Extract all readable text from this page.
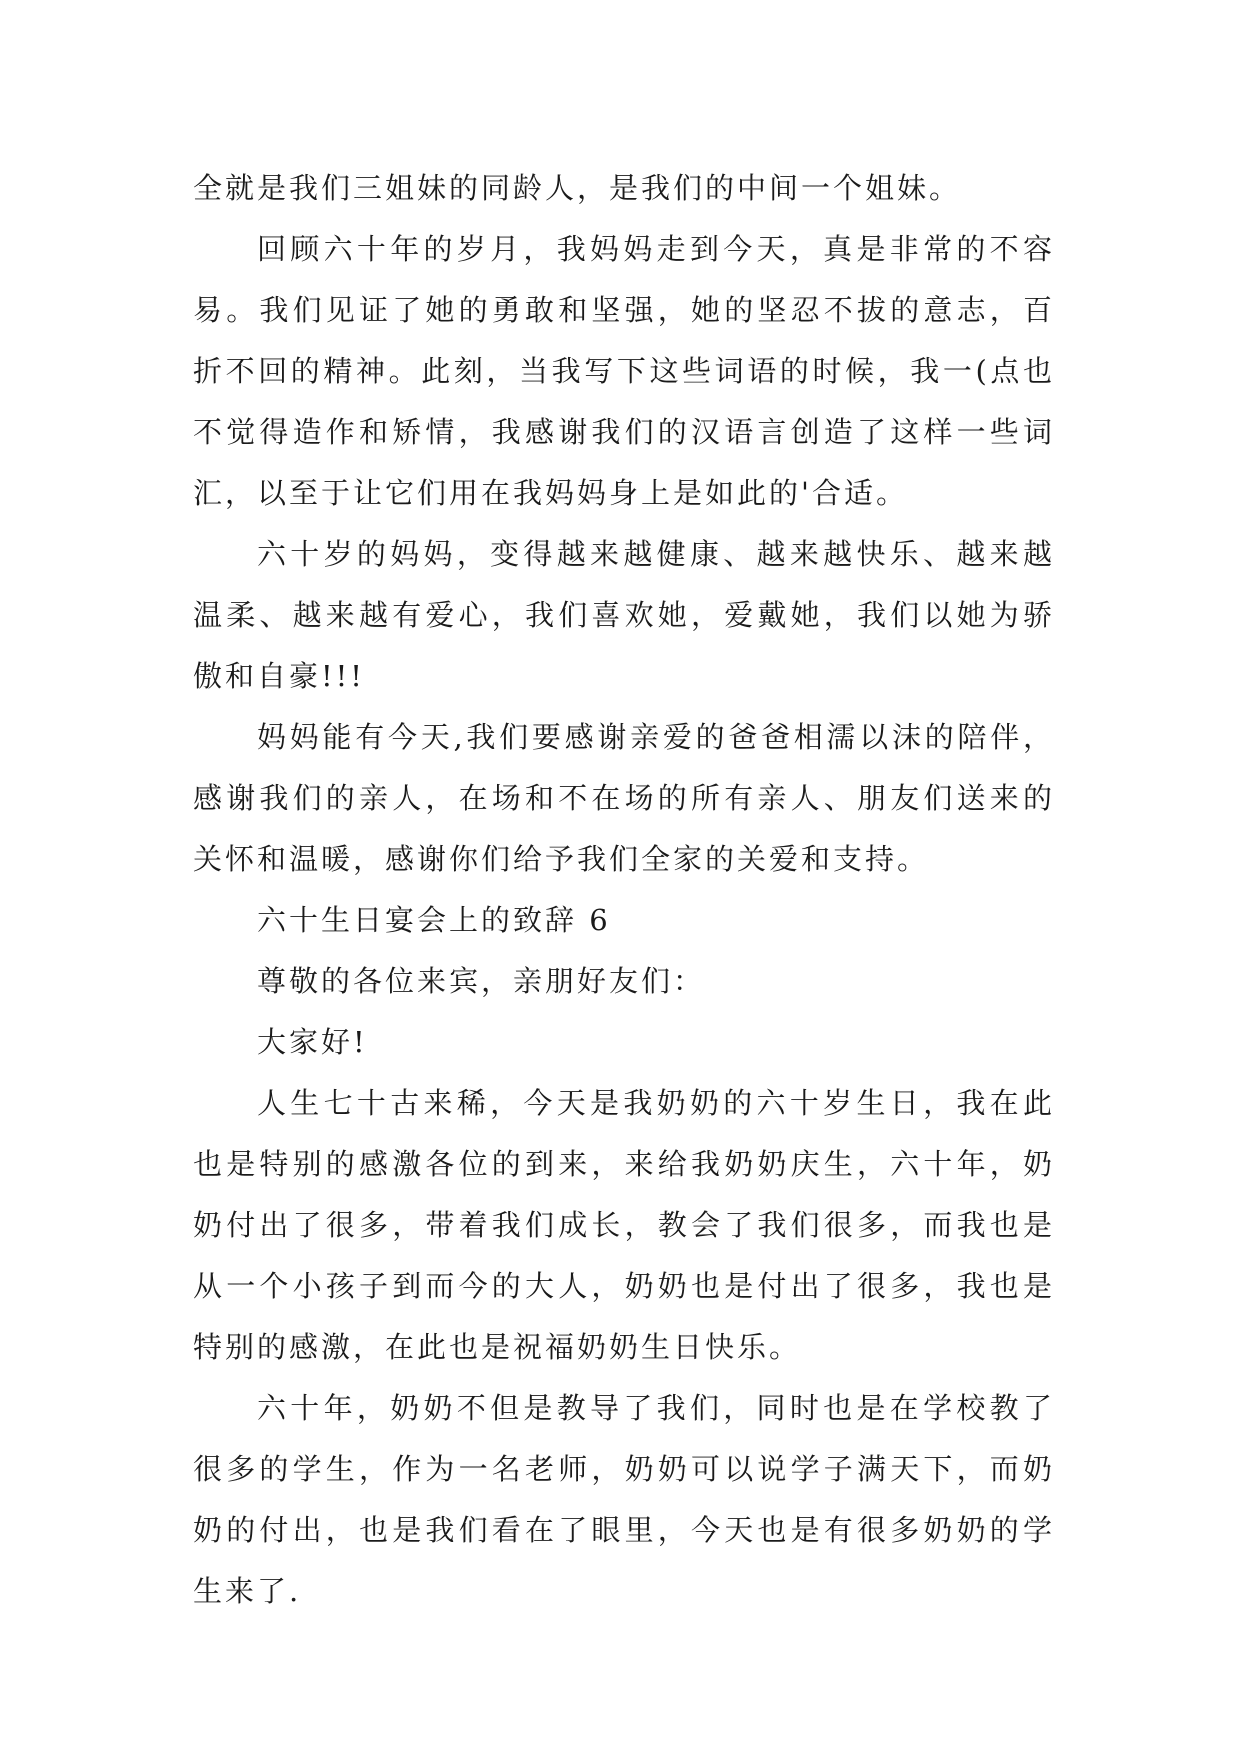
全就是我们三姐妹的同龄人，是我们的中间一个姐妹。

回顾六十年的岁月，我妈妈走到今天，真是非常的不容易。我们见证了她的勇敢和坚强，她的坚忍不拔的意志，百折不回的精神。此刻，当我写下这些词语的时候，我一(点也不觉得造作和矫情，我感谢我们的汉语言创造了这样一些词汇，以至于让它们用在我妈妈身上是如此的'合适。

六十岁的妈妈，变得越来越健康、越来越快乐、越来越温柔、越来越有爱心，我们喜欢她，爱戴她，我们以她为骄傲和自豪!!!

妈妈能有今天,我们要感谢亲爱的爸爸相濡以沫的陪伴，感谢我们的亲人，在场和不在场的所有亲人、朋友们送来的关怀和温暖，感谢你们给予我们全家的关爱和支持。

六十生日宴会上的致辞 6

尊敬的各位来宾，亲朋好友们：

大家好!

人生七十古来稀，今天是我奶奶的六十岁生日，我在此也是特别的感激各位的到来，来给我奶奶庆生，六十年，奶奶付出了很多，带着我们成长，教会了我们很多，而我也是从一个小孩子到而今的大人，奶奶也是付出了很多，我也是特别的感激，在此也是祝福奶奶生日快乐。

六十年，奶奶不但是教导了我们，同时也是在学校教了很多的学生，作为一名老师，奶奶可以说学子满天下，而奶奶的付出，也是我们看在了眼里，今天也是有很多奶奶的学生来了.
